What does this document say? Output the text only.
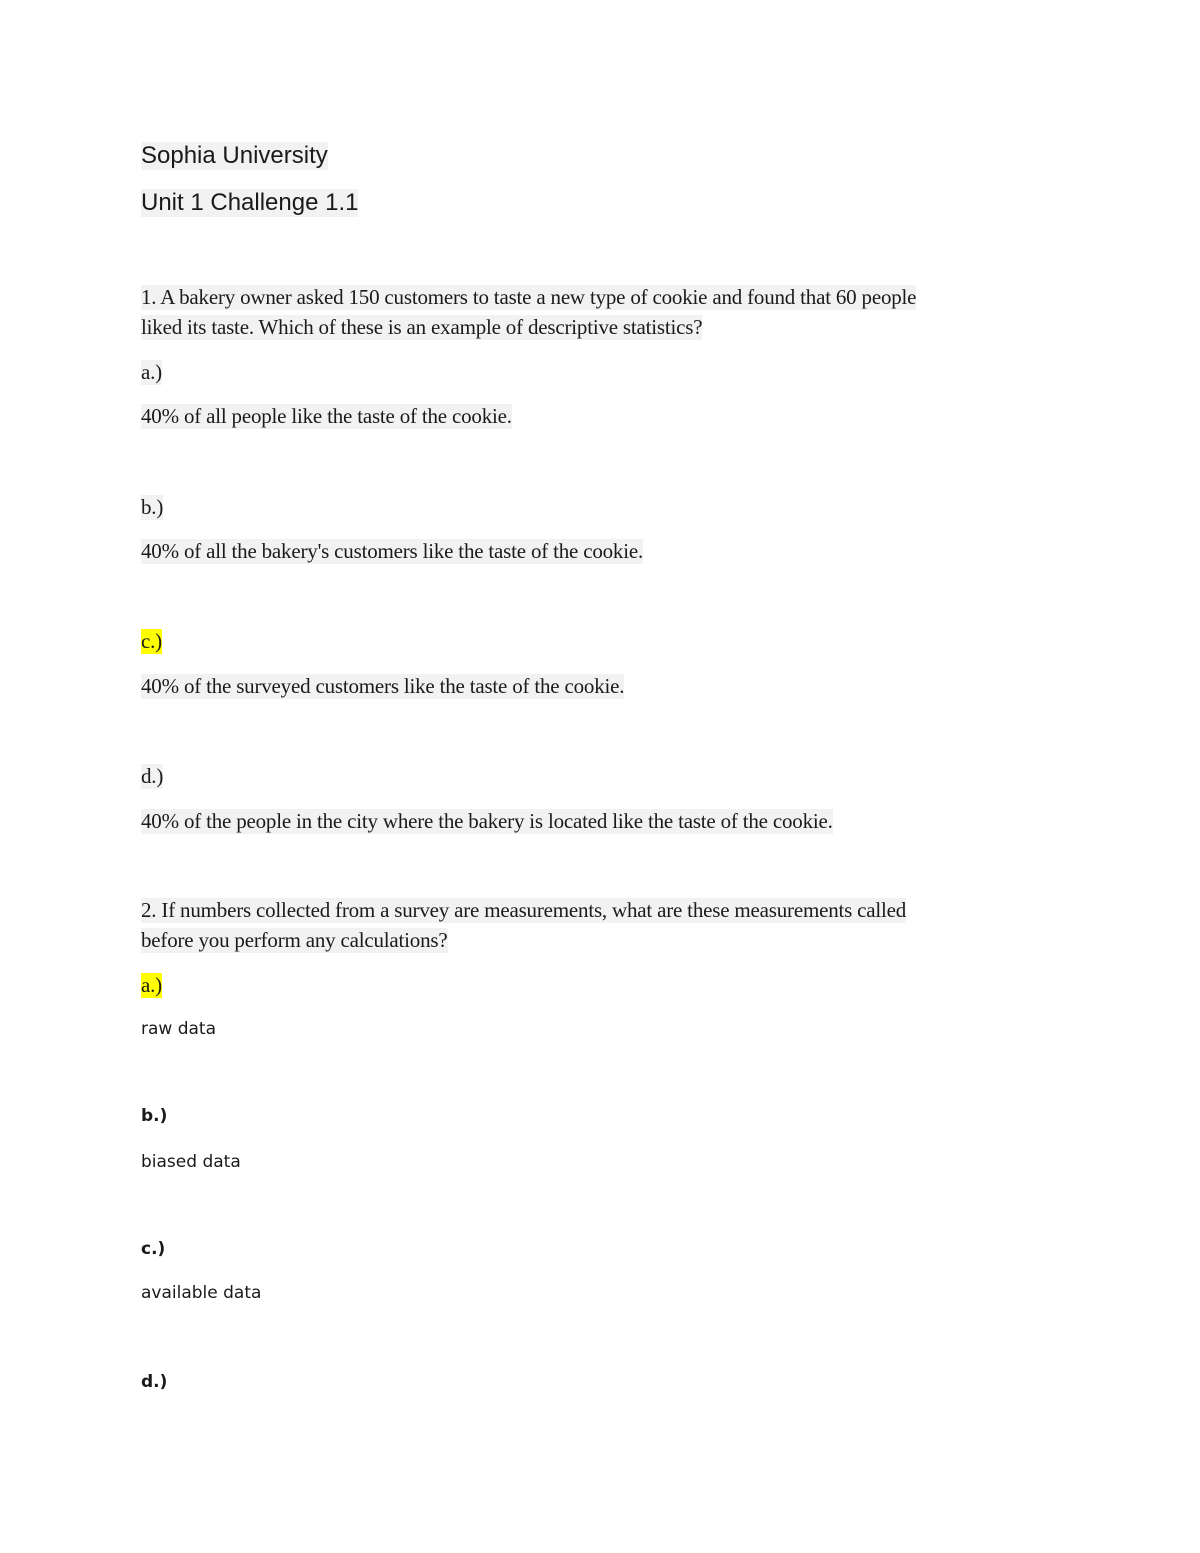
Sophia University
Unit 1 Challenge 1.1
1. A bakery owner asked 150 customers to taste a new type of cookie and found that 60 people
liked its taste. Which of these is an example of descriptive statistics?
a.)
40% of all people like the taste of the cookie.
b.)
40% of all the bakery's customers like the taste of the cookie.
c.)
40% of the surveyed customers like the taste of the cookie.
d.)
40% of the people in the city where the bakery is located like the taste of the cookie.
2. If numbers collected from a survey are measurements, what are these measurements called
before you perform any calculations?
a.)
raw data
b.)
biased data
c.)
available data
d.)
